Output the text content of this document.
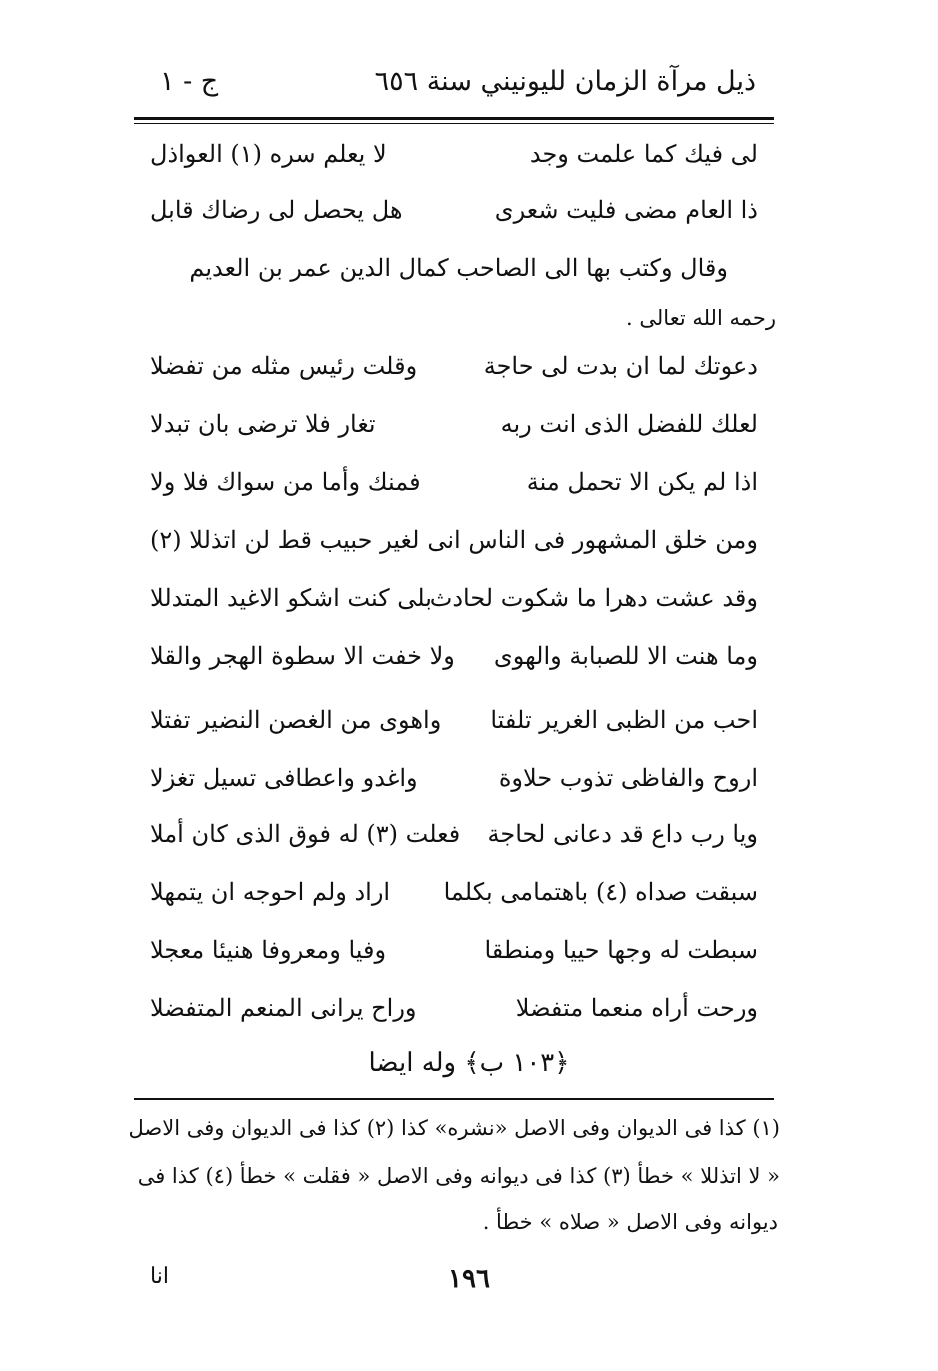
ذيل مرآة الزمان لليونيني سنة ٦٥٦
ج - ١
لى فيك كما علمت وجد
لا يعلم سره (١) العواذل
ذا العام مضى فليت شعرى
هل يحصل لى رضاك قابل
وقال وكتب بها الى الصاحب كمال الدين عمر بن العديم
رحمه الله تعالى .
دعوتك لما ان بدت لى حاجة
وقلت رئيس مثله من تفضلا
لعلك للفضل الذى انت ربه
تغار فلا ترضى بان تبدلا
اذا لم يكن الا تحمل منة
فمنك وأما من سواك فلا ولا
ومن خلق المشهور فى الناس انى
لغير حبيب قط لن اتذللا (٢)
وقد عشت دهرا ما شكوت لحادث
بلى كنت اشكو الاغيد المتدللا
وما هنت الا للصبابة والهوى
ولا خفت الا سطوة الهجر والقلا
احب من الظبى الغرير تلفتا
واهوى من الغصن النضير تفتلا
اروح والفاظى تذوب حلاوة
واغدو واعطافى تسيل تغزلا
ويا رب داع قد دعانى لحاجة
فعلت (٣) له فوق الذى كان أملا
سبقت صداه (٤) باهتمامى بكلما
اراد ولم احوجه ان يتمهلا
سبطت له وجها حييا ومنطقا
وفيا ومعروفا هنيئا معجلا
ورحت أراه منعما متفضلا
وراح يرانى المنعم المتفضلا
﴿١٠٣ ب﴾ وله ايضا
(١) كذا فى الديوان وفى الاصل «نشره» كذا (٢) كذا فى الديوان وفى الاصل
« لا اتذللا » خطأ (٣) كذا فى ديوانه وفى الاصل « فقلت » خطأ (٤) كذا فى
ديوانه وفى الاصل « صلاه » خطأ .
١٩٦
انا
